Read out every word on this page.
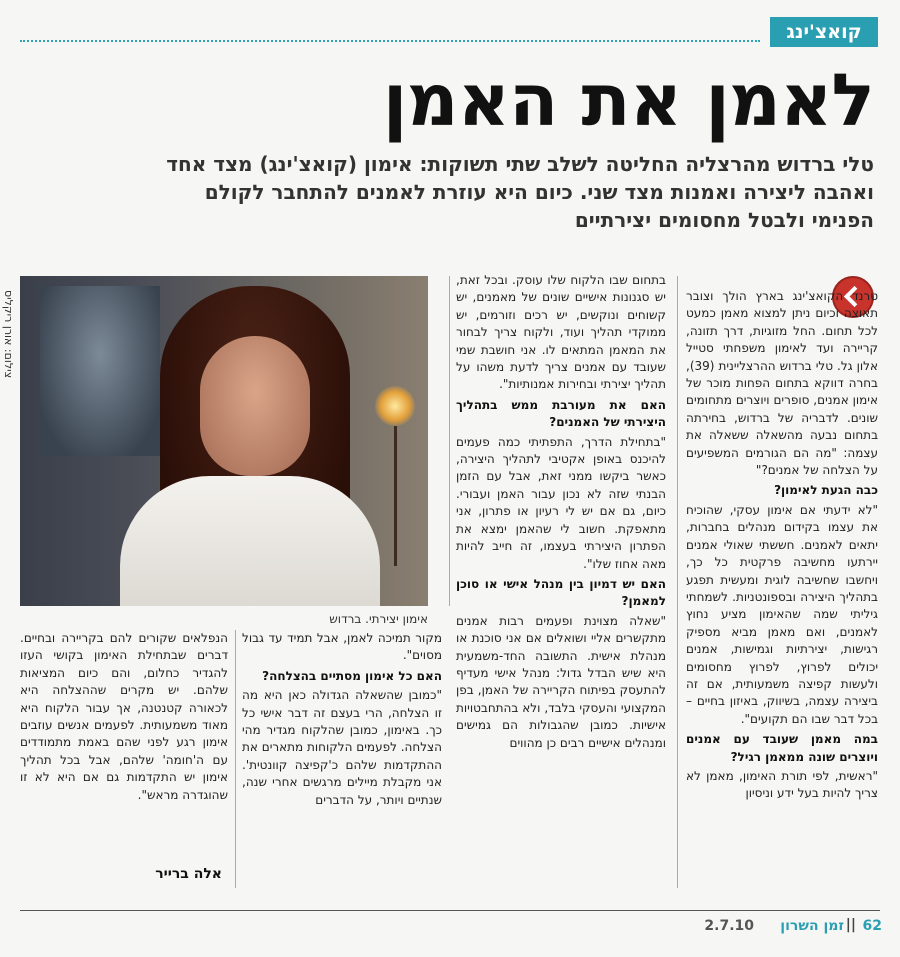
קואצ'ינג
לאמן את האמן

טלי ברדוש מהרצליה החליטה לשלב שתי תשוקות: אימון (קואצ'ינג) מצד אחד ואהבה ליצירה ואמנות מצד שני. כיום היא עוזרת לאמנים להתחבר לקולם הפנימי ולבטל מחסומים יצירתיים

טרנד הקואצ'ינג בארץ הולך וצובר תאוצה וכיום ניתן למצוא מאמן כמעט לכל תחום. החל מזוגיות, דרך תזונה, קריירה ועד לאימון משפחתי סטייל אלון גל. טלי ברדוש ההרצליינית (39), בחרה דווקא בתחום הפחות מוכר של אימון אמנים, סופרים ויוצרים מתחומים שונים. לדבריה של ברדוש, בחירתה בתחום נבעה מהשאלה ששאלה את עצמה: "מה הם הגורמים המשפיעים על הצלחה של אמנים?"

כבה הגעת לאימון?

"לא ידעתי אם אימון עסקי, שהוכיח את עצמו בקידום מנהלים בחברות, יתאים לאמנים. חששתי שאולי אמנים יירתעו מחשיבה פרקטית כל כך, ויחשבו שחשיבה לוגית ומעשית תפגע בתהליך היצירה ובספונטניות. לשמחתי גיליתי שמה שהאימון מציע נחוץ לאמנים, ואם מאמן מביא מספיק רגישות, יצירתיות וגמישות, אמנים יכולים לפרוץ, לפרוץ מחסומים ולעשות קפיצה משמעותית, אם זה ביצירה עצמה, בשיווק, באיזון בחיים – בכל דבר שבו הם תקועים".

במה מאמן שעובד עם אמנים ויוצרים שונה ממאמן רגיל?

"ראשית, לפי תורת האימון, מאמן לא צריך להיות בעל ידע וניסיון

בתחום שבו הלקוח שלו עוסק. ובכל זאת, יש סגנונות אישיים שונים של מאמנים, יש קשוחים ונוקשים, יש רכים וזורמים, יש ממוקדי תהליך ועוד, ולקוח צריך לבחור את המאמן המתאים לו. אני חושבת שמי שעובד עם אמנים צריך לדעת משהו על תהליך יצירתי ובחירות אמנותיות".

האם את מעורבת ממש בתהליך היצירתי של האמנים?

"בתחילת הדרך, התפתיתי כמה פעמים להיכנס באופן אקטיבי לתהליך היצירה, כאשר ביקשו ממני זאת, אבל עם הזמן הבנתי שזה לא נכון עבור האמן ועבורי. כיום, גם אם יש לי רעיון או פתרון, אני מתאפקת. חשוב לי שהאמן ימצא את הפתרון היצירתי בעצמו, זה חייב להיות מאה אחוז שלו".

האם יש דמיון בין מנהל אישי או סוכן למאמן?

"שאלה מצוינת ופעמים רבות אמנים מתקשרים אליי ושואלים אם אני סוכנת או מנהלת אישית. התשובה החד-משמעית היא שיש הבדל גדול: מנהל אישי מעדיף להתעסק בפיתוח הקריירה של האמן, בפן המקצועי והעסקי בלבד, ולא בהתחבטויות אישיות. כמובן שהגבולות הם גמישים ומנהלים אישיים רבים כן מהווים

צילום: אורן ריקליס
אימון יצירתי. ברדוש

מקור תמיכה לאמן, אבל תמיד עד גבול מסוים".

האם כל אימון מסתיים בהצלחה?

"כמובן שהשאלה הגדולה כאן היא מה זו הצלחה, הרי בעצם זה דבר אישי כל כך. באימון, כמובן שהלקוח מגדיר מהי הצלחה. לפעמים הלקוחות מתארים את ההתקדמות שלהם כ'קפיצה קוונטית'. אני מקבלת מיילים מרגשים אחרי שנה, שנתיים ויותר, על הדברים

הנפלאים שקורים להם בקריירה ובחיים. דברים שבתחילת האימון בקושי העזו להגדיר כחלום, והם כיום המציאות שלהם. יש מקרים שההצלחה היא לכאורה קטנטנה, אך עבור הלקוח היא מאוד משמעותית. לפעמים אנשים עוזבים אימון רגע לפני שהם באמת מתמודדים עם ה'חומה' שלהם, אבל בכל תהליך אימון יש התקדמות גם אם היא לא זו שהוגדרה מראש".

אלה ברייר
62
||
זמן השרון
2.7.10
